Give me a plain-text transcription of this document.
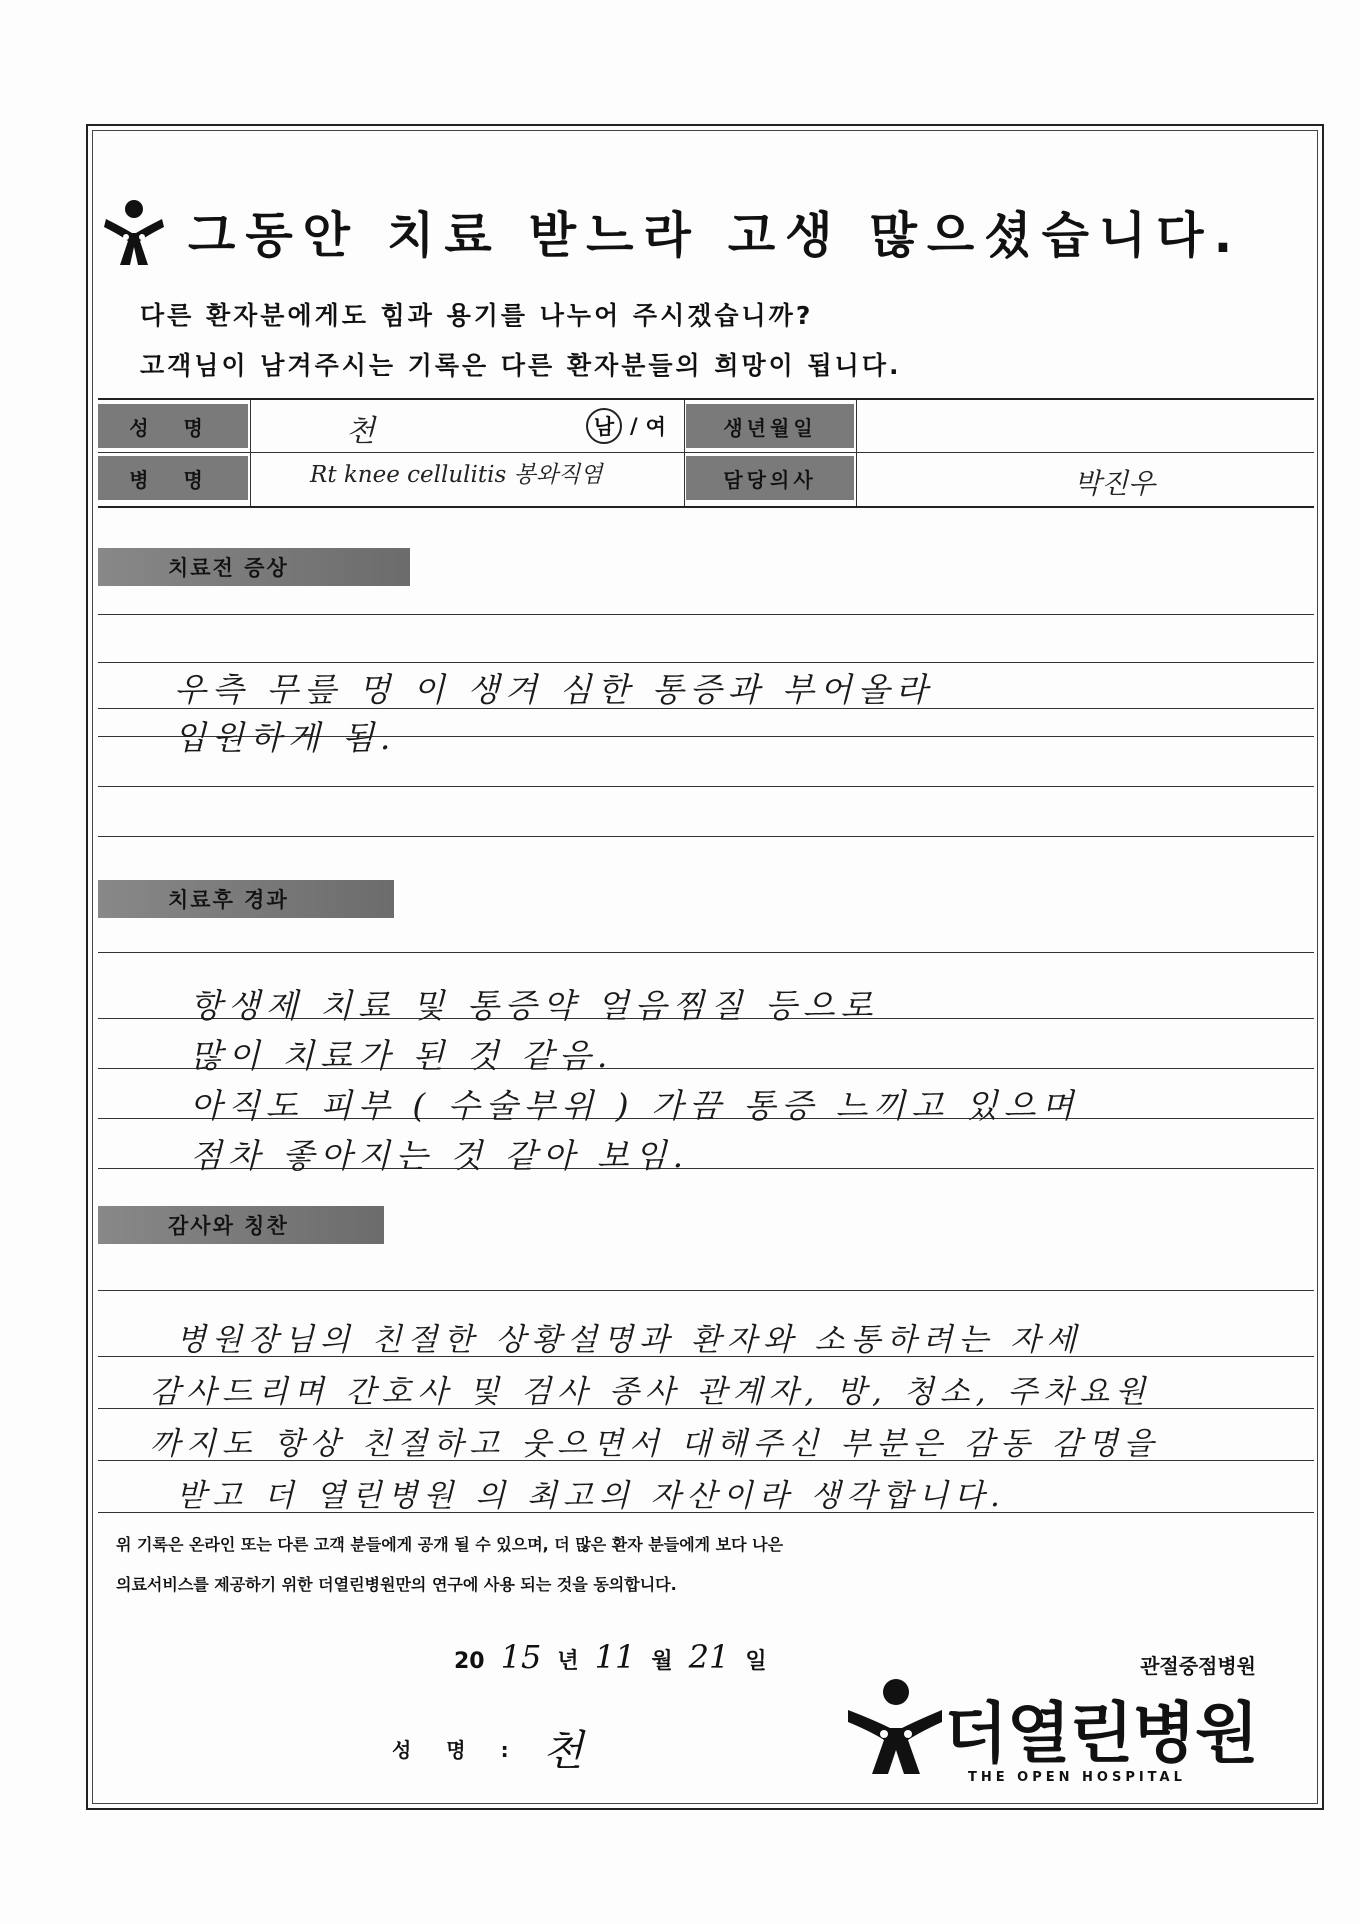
그동안 치료 받느라 고생 많으셨습니다.
다른 환자분에게도 힘과 용기를 나누어 주시겠습니까?
고객님이 남겨주시는 기록은 다른 환자분들의 희망이 됩니다.
성 명
병 명
생년월일
담당의사
천	남 / 여
Rt knee cellulitis 봉와직염	박진우
치료전 증상
우측 무릎 멍 이 생겨 심한 통증과 부어올라
입원하게 됨.
치료후 경과
항생제 치료 및 통증약 얼음찜질 등으로
많이 치료가 된 것 같음.
아직도 피부 ( 수술부위 ) 가끔 통증 느끼고 있으며
점차 좋아지는 것 같아 보임.
감사와 칭찬
병원장님의 친절한 상황설명과 환자와 소통하려는 자세
감사드리며 간호사 및 검사 종사 관계자, 방, 청소, 주차요원
까지도 항상 친절하고 웃으면서 대해주신 부분은 감동 감명을
받고 더 열린병원 의 최고의 자산이라 생각합니다.
위 기록은 온라인 또는 다른 고객 분들에게 공개 될 수 있으며, 더 많은 환자 분들에게 보다 나은
의료서비스를 제공하기 위한 더열린병원만의 연구에 사용 되는 것을 동의합니다.
20 15 년 11 월 21 일
성 명 : 천
관절중점병원
더열린병원
THE OPEN HOSPITAL
